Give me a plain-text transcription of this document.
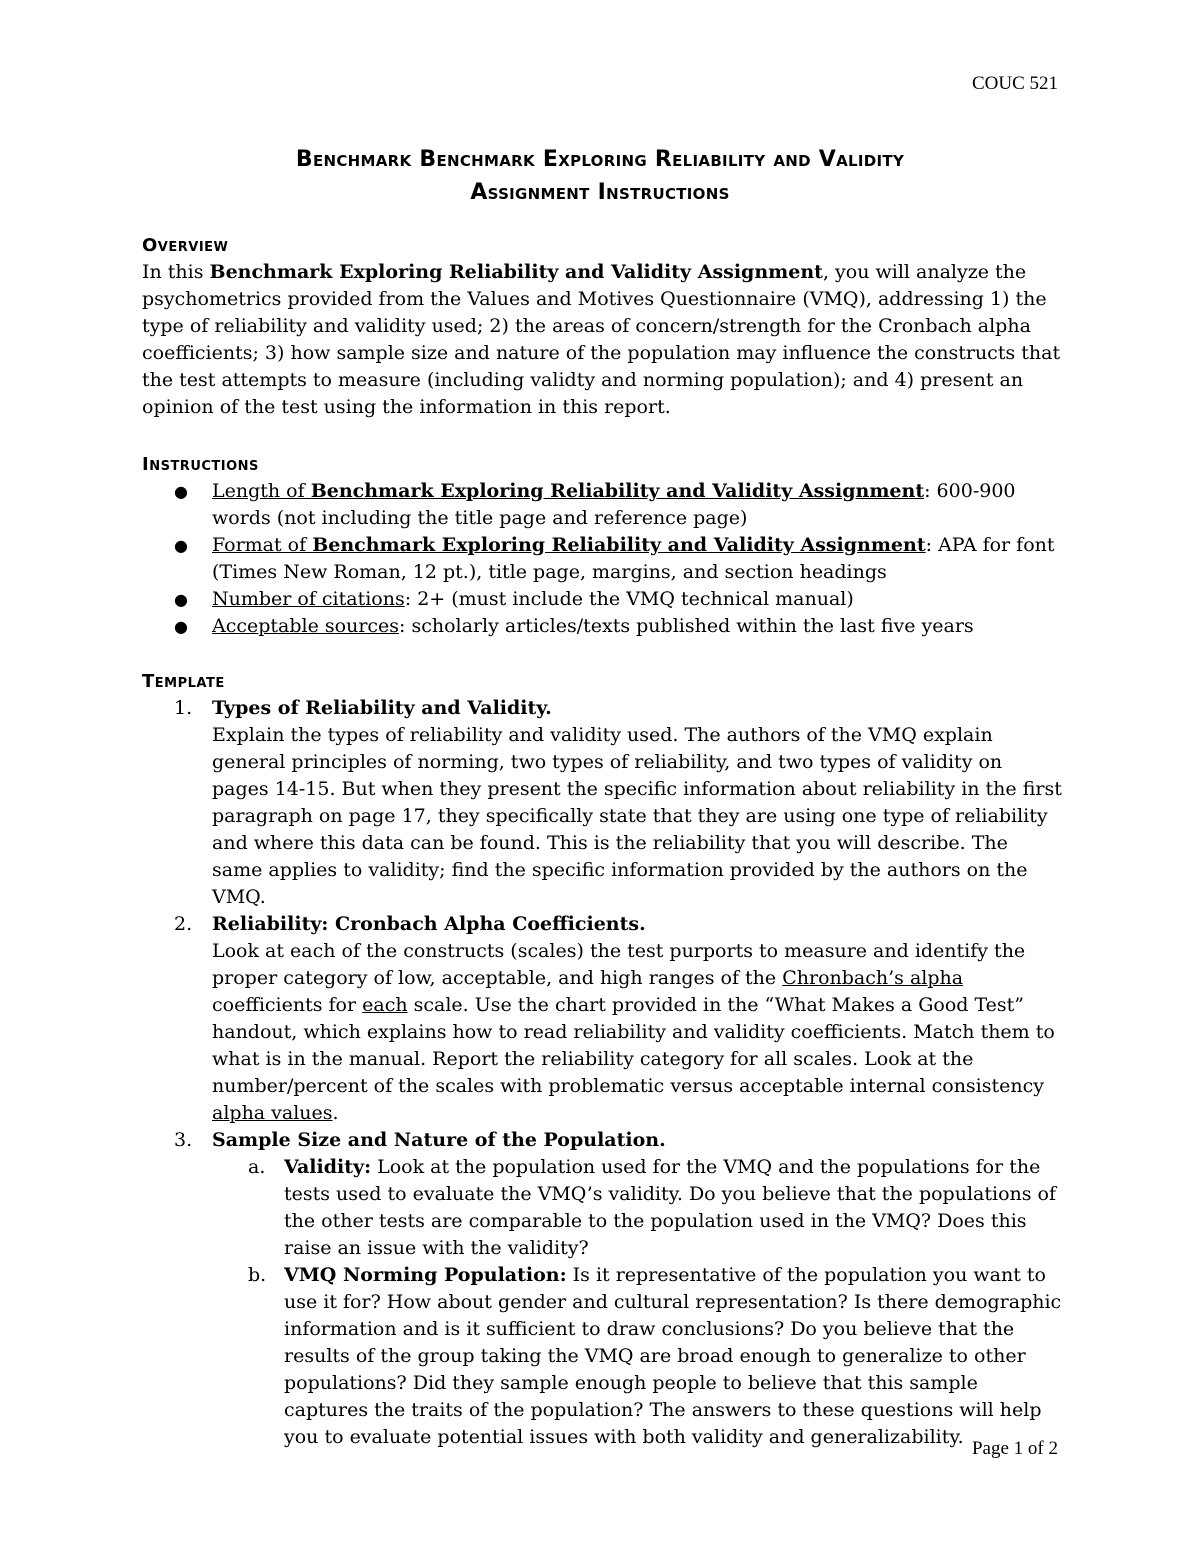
COUC 521
Benchmark Benchmark Exploring Reliability and Validity
Assignment Instructions
Overview
In this Benchmark Exploring Reliability and Validity Assignment, you will analyze the psychometrics provided from the Values and Motives Questionnaire (VMQ), addressing 1) the type of reliability and validity used; 2) the areas of concern/strength for the Cronbach alpha coefficients; 3) how sample size and nature of the population may influence the constructs that the test attempts to measure (including validty and norming population); and 4) present an opinion of the test using the information in this report.
Instructions
● Length of Benchmark Exploring Reliability and Validity Assignment: 600-900 words (not including the title page and reference page)
● Format of Benchmark Exploring Reliability and Validity Assignment: APA for font (Times New Roman, 12 pt.), title page, margins, and section headings
● Number of citations: 2+ (must include the VMQ technical manual)
● Acceptable sources: scholarly articles/texts published within the last five years
Template
1. Types of Reliability and Validity.
Explain the types of reliability and validity used. The authors of the VMQ explain general principles of norming, two types of reliability, and two types of validity on pages 14-15. But when they present the specific information about reliability in the first paragraph on page 17, they specifically state that they are using one type of reliability and where this data can be found. This is the reliability that you will describe. The same applies to validity; find the specific information provided by the authors on the VMQ.
2. Reliability: Cronbach Alpha Coefficients.
Look at each of the constructs (scales) the test purports to measure and identify the proper category of low, acceptable, and high ranges of the Chronbach’s alpha coefficients for each scale. Use the chart provided in the “What Makes a Good Test” handout, which explains how to read reliability and validity coefficients. Match them to what is in the manual. Report the reliability category for all scales. Look at the number/percent of the scales with problematic versus acceptable internal consistency alpha values.
3. Sample Size and Nature of the Population.
a. Validity: Look at the population used for the VMQ and the populations for the tests used to evaluate the VMQ’s validity. Do you believe that the populations of the other tests are comparable to the population used in the VMQ? Does this raise an issue with the validity?
b. VMQ Norming Population: Is it representative of the population you want to use it for? How about gender and cultural representation? Is there demographic information and is it sufficient to draw conclusions? Do you believe that the results of the group taking the VMQ are broad enough to generalize to other populations? Did they sample enough people to believe that this sample captures the traits of the population? The answers to these questions will help you to evaluate potential issues with both validity and generalizability.
Page 1 of 2
